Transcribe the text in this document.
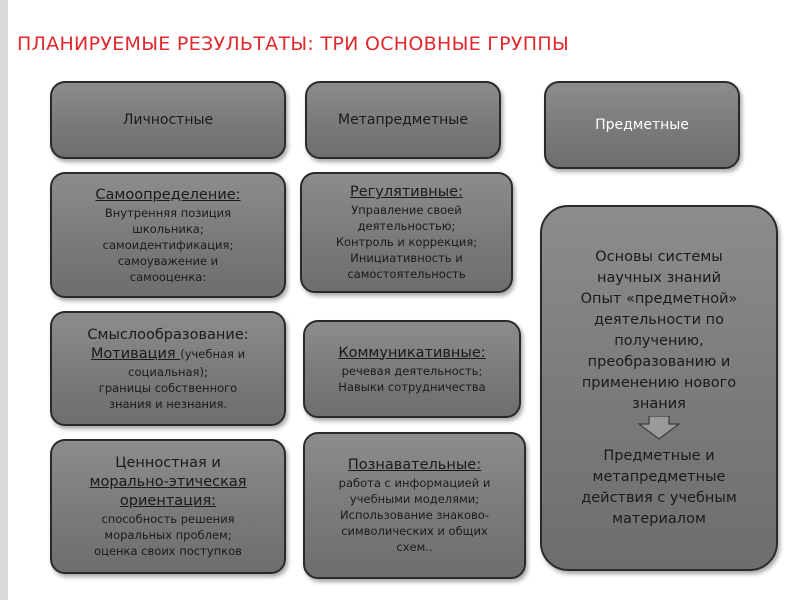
ПЛАНИРУЕМЫЕ РЕЗУЛЬТАТЫ: ТРИ ОСНОВНЫЕ ГРУППЫ
Личностные	Метапредметные	Предметные
Самоопределение:
Внутренняя позиция
школьника;
самоидентификация;
самоуважение и
самооценка:
Смыслообразование:
Мотивация (учебная и
социальная);
границы собственного
знания и незнания.
Ценностная и
морально-этическая
ориентация:
способность решения
моральных проблем;
оценка своих поступков
Регулятивные:
Управление своей
деятельностью;
Контроль и коррекция;
Инициативность и
самостоятельность
Коммуникативные:
речевая деятельность;
Навыки сотрудничества
Познавательные:
работа с информацией и
учебными моделями;
Использование знаково-
символических и общих
схем..
Основы системы
научных знаний
Опыт «предметной»
деятельности по
получению,
преобразованию и
применению нового
знания
Предметные и
метапредметные
действия с учебным
материалом
